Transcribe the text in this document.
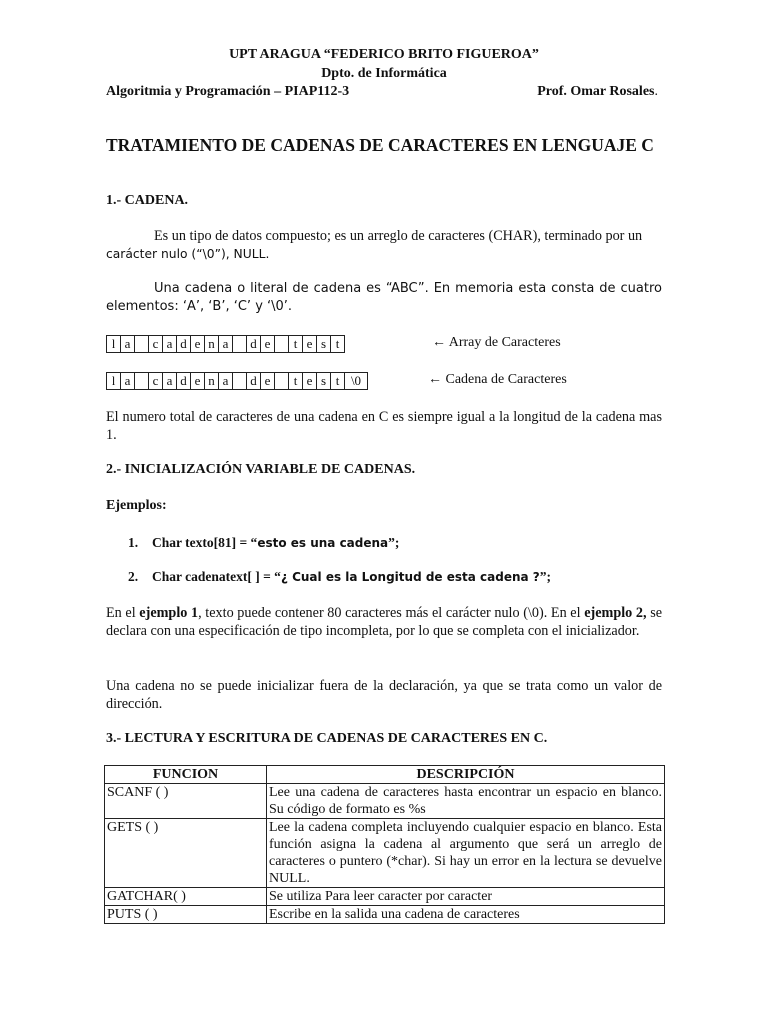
UPT ARAGUA “FEDERICO BRITO FIGUEROA”
Dpto. de Informática
Algoritmia y Programación – PIAP112-3	Prof. Omar Rosales.
TRATAMIENTO DE CADENAS DE CARACTERES EN LENGUAJE C
1.- CADENA.
Es un tipo de datos compuesto; es un arreglo de caracteres (CHAR), terminado por un
carácter nulo (“\0”), NULL.
Una cadena o literal de cadena es “ABC”. En memoria esta consta de cuatro elementos: ‘A’, ‘B’, ‘C’ y ‘\0’.
l	a		c	a	d	e	n	a		d	e		t	e	s	t	← Array de Caracteres
l	a		c	a	d	e	n	a		d	e		t	e	s	t	\0	← Cadena de Caracteres
El numero total de caracteres de una cadena en C es siempre igual a la longitud de la cadena mas 1.
2.- INICIALIZACIÓN VARIABLE DE CADENAS.
Ejemplos:
1. Char texto[81] = “esto es una cadena”;
2. Char cadenatext[ ] = “¿ Cual es la Longitud de esta cadena ?”;
En el ejemplo 1, texto puede contener 80 caracteres más el carácter nulo (\0). En el ejemplo 2, se declara con una especificación de tipo incompleta, por lo que se completa con el inicializador.
Una cadena no se puede inicializar fuera de la declaración, ya que se trata como un valor de dirección.
3.- LECTURA Y ESCRITURA DE CADENAS DE CARACTERES EN C.
FUNCION	DESCRIPCIÓN
SCANF ( )	Lee una cadena de caracteres hasta encontrar un espacio en blanco. Su código de formato es %s
GETS ( )	Lee la cadena completa incluyendo cualquier espacio en blanco. Esta función asigna la cadena al argumento que será un arreglo de caracteres o puntero (*char). Si hay un error en la lectura se devuelve NULL.
GATCHAR( )	Se utiliza Para leer caracter por caracter
PUTS ( )	Escribe en la salida una cadena de caracteres
